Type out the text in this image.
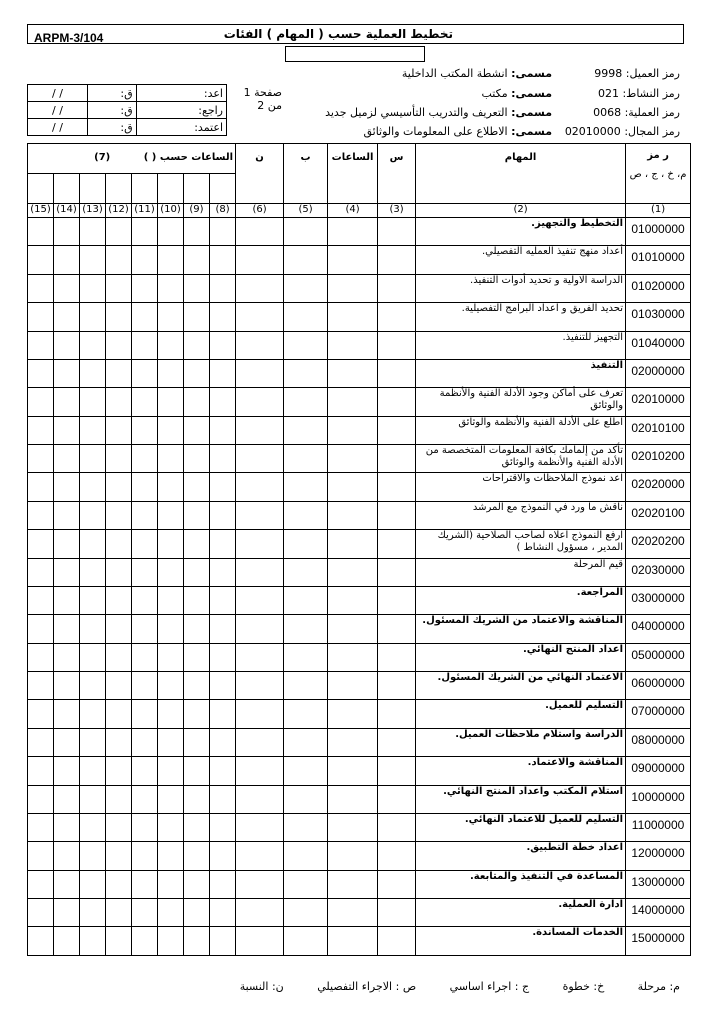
ARPM-3/104	تخطيط العملية حسب ( المهام ) الفئات
رمز العميل: 9998
مسمى: انشطة المكتب الداخلية
رمز النشاط: 021
مسمى: مكتب
رمز العملية: 0068
مسمى: التعريف والتدريب التأسيسي لزميل جديد
رمز المجال: 02010000
مسمى: الاطلاع على المعلومات والوثائق
صفحة 1
من 2
/ /	ق:	اعد:
/ /	ق:	راجع:
/ /	ق:	اعتمد:
الساعات حسب ( ) (7)								ن	ب	الساعات	س	المهام	ر مز
م، خ ، ج ، ص

(15)	(14)	(13)	(12)	(11)	(10)	(9)	(8)	(6)	(5)	(4)	(3)	(2)	(1)
												التخطيط والتجهيز.	01000000
												أعداد منهج تنفيذ العمليه التفصيلي.	01010000
												الدراسة الاولية و تحديد أدوات التنفيذ.	01020000
												تحديد الفريق و اعداد البرامج التفصيلية.	01030000
												التجهيز للتنفيذ.	01040000
												التنفيذ	02000000
												تعرف على أماكن وجود الأدلة الفنية والأنظمة والوثائق	02010000
												اطلع على الأدلة الفنية والأنظمة والوثائق	02010100
												تأكد من إلمامك بكافة المعلومات المتخصصة من الأدلة الفنية والأنظمة والوثائق	02010200
												اعد نموذج الملاحظات والاقتراحات	02020000
												ناقش ما ورد في النموذج مع المرشد	02020100
												ارفع النموذج اعلاه لصاحب الصلاحية (الشريك المدير ، مسؤول النشاط )	02020200
												قيم المرحلة	02030000
												المراجعة.	03000000
												المناقشة والاعتماد من الشريك المسئول.	04000000
												اعداد المنتج النهائي.	05000000
												الاعتماد النهائي من الشريك المسئول.	06000000
												التسليم للعميل.	07000000
												الدراسة واستلام ملاحظات العميل.	08000000
												المناقشة والاعتماد.	09000000
												استلام المكتب واعداد المنتج النهائي.	10000000
												التسليم للعميل للاعتماد النهائي.	11000000
												اعداد خطة التطبيق.	12000000
												المساعدة في التنفيذ والمتابعة.	13000000
												ادارة العملية.	14000000
												الخدمات المساندة.	15000000
م: مرحلة خ: خطوة ج : اجراء اساسي ص : الاجراء التفصيلي ن: النسبة
